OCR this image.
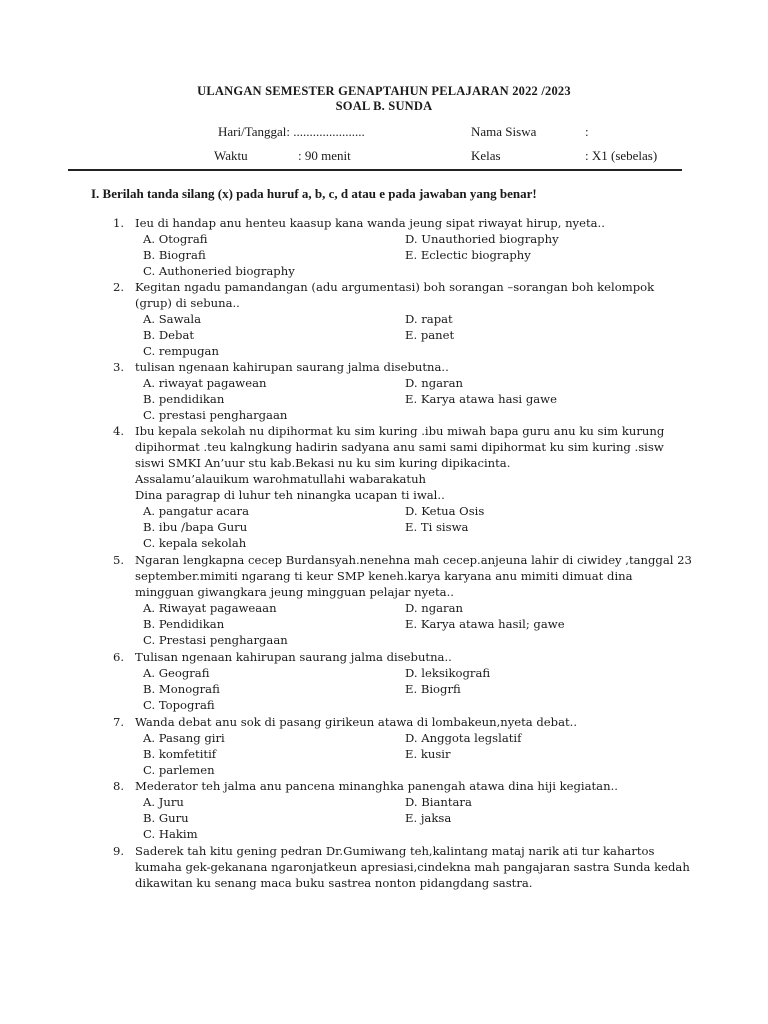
ULANGAN SEMESTER GENAPTAHUN PELAJARAN 2022 /2023
SOAL B. SUNDA
Hari/Tanggal: ......................	Nama Siswa	:
Waktu	: 90 menit	Kelas	: X1 (sebelas)
I. Berilah tanda silang (x) pada huruf a, b, c, d atau e pada jawaban yang benar!
1. Ieu di handap anu henteu kaasup kana wanda jeung sipat riwayat hirup, nyeta..
A. Otografi
B. Biografi
C. Authoneried biography
D. Unauthoried biography
E. Eclectic biography
2. Kegitan ngadu pamandangan (adu argumentasi) boh sorangan –sorangan boh kelompok
(grup) di sebuna..
A. Sawala
B. Debat
C. rempugan
D. rapat
E. panet
3. tulisan ngenaan kahirupan saurang jalma disebutna..
A. riwayat pagawean
B. pendidikan
C. prestasi penghargaan
D. ngaran
E. Karya atawa hasi gawe
4. Ibu kepala sekolah nu dipihormat ku sim kuring .ibu miwah bapa guru anu ku sim kurung
dipihormat .teu kalngkung hadirin sadyana anu sami sami dipihormat ku sim kuring .sisw
siswi SMKI An’uur stu kab.Bekasi nu ku sim kuring dipikacinta.
Assalamu’alauikum warohmatullahi wabarakatuh
Dina paragrap di luhur teh ninangka ucapan ti iwal..
A. pangatur acara
B. ibu /bapa Guru
C. kepala sekolah
D. Ketua Osis
E. Ti siswa
5. Ngaran lengkapna cecep Burdansyah.nenehna mah cecep.anjeuna lahir di ciwidey ,tanggal 23
september.mimiti ngarang ti keur SMP keneh.karya karyana anu mimiti dimuat dina
mingguan giwangkara jeung mingguan pelajar nyeta..
A. Riwayat pagaweaan
B. Pendidikan
C. Prestasi penghargaan
D. ngaran
E. Karya atawa hasil; gawe
6. Tulisan ngenaan kahirupan saurang jalma disebutna..
A. Geografi
B. Monografi
C. Topografi
D. leksikografi
E. Biogrfi
7. Wanda debat anu sok di pasang girikeun atawa di lombakeun,nyeta debat..
A. Pasang giri
B. komfetitif
C. parlemen
D. Anggota legslatif
E. kusir
8. Mederator teh jalma anu pancena minanghka panengah atawa dina hiji kegiatan..
A. Juru
B. Guru
C. Hakim
D. Biantara
E. jaksa
9. Saderek tah kitu gening pedran Dr.Gumiwang teh,kalintang mataj narik ati tur kahartos
kumaha gek-gekanana ngaronjatkeun apresiasi,cindekna mah pangajaran sastra Sunda kedah
dikawitan ku senang maca buku sastrea nonton pidangdang sastra.
